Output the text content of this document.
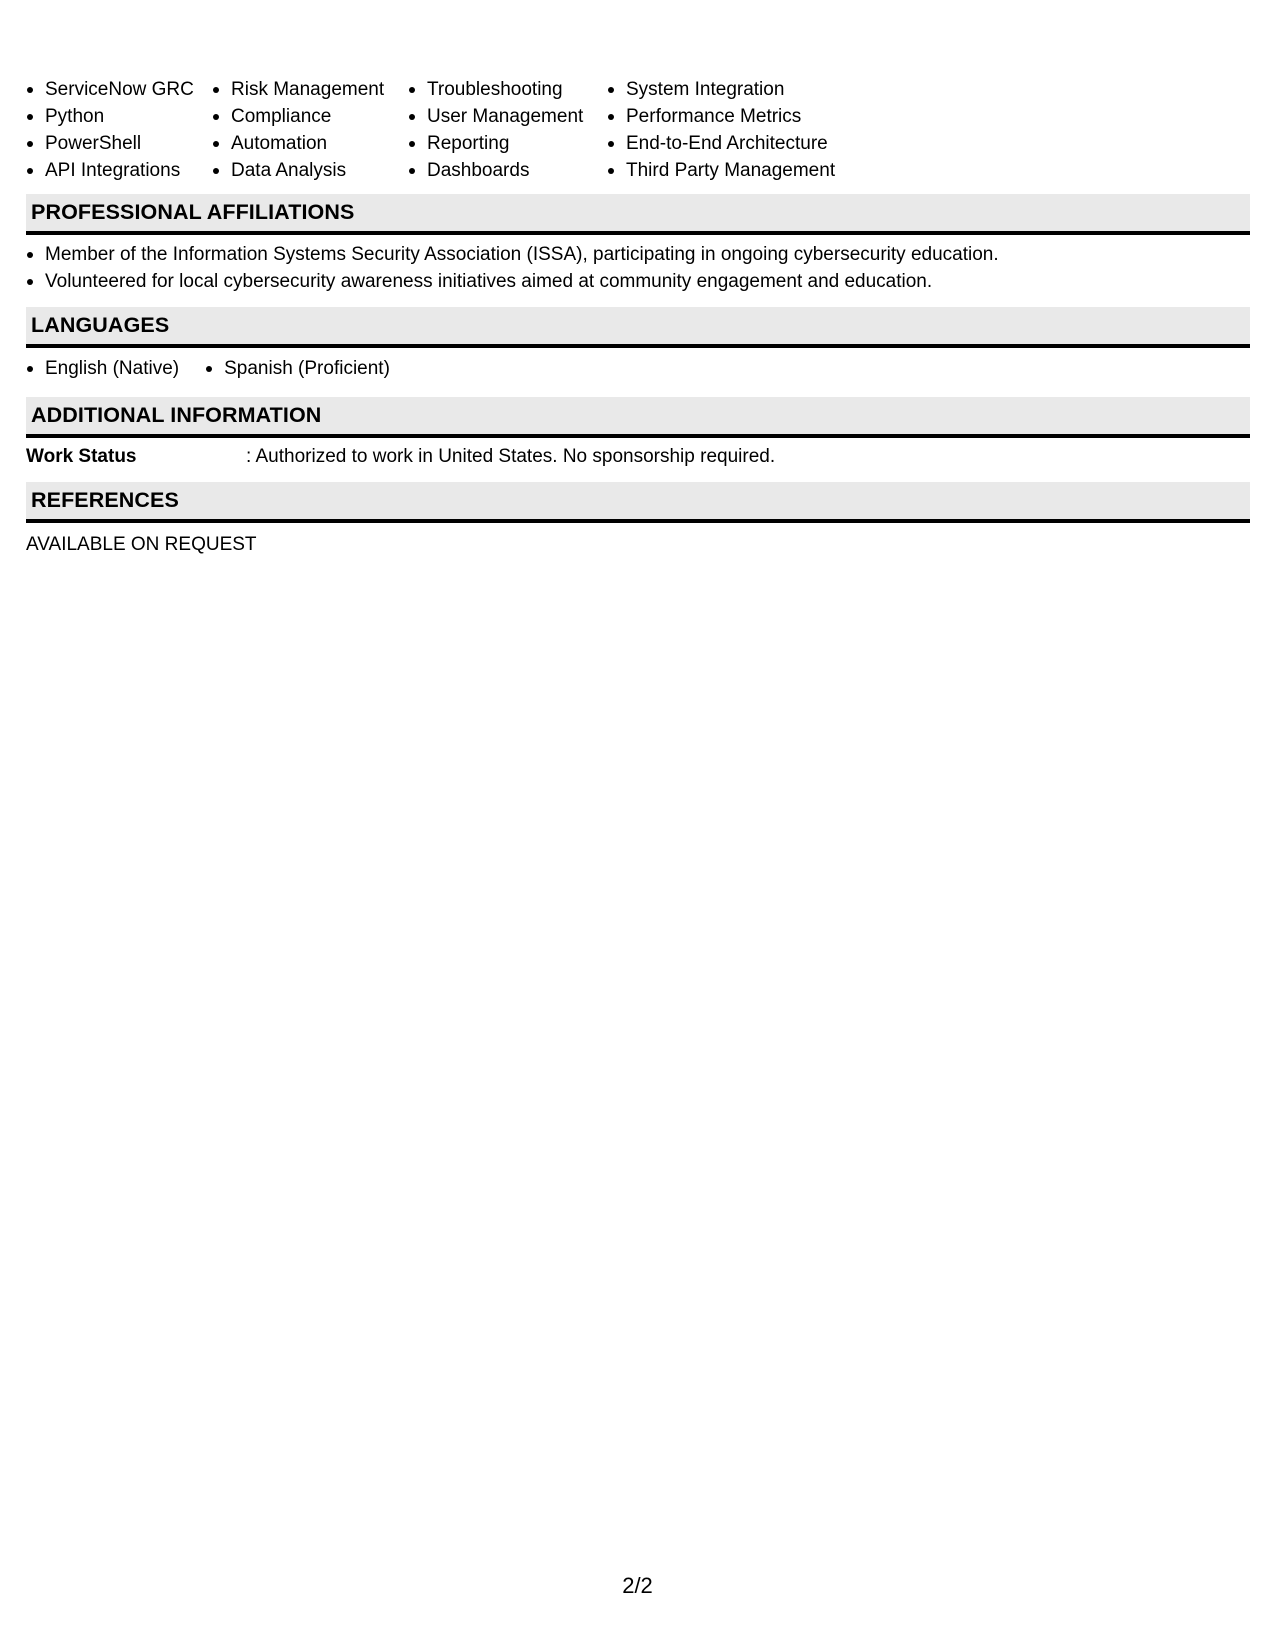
ServiceNow GRC
Python
PowerShell
API Integrations
Risk Management
Compliance
Automation
Data Analysis
Troubleshooting
User Management
Reporting
Dashboards
System Integration
Performance Metrics
End-to-End Architecture
Third Party Management
PROFESSIONAL AFFILIATIONS
Member of the Information Systems Security Association (ISSA), participating in ongoing cybersecurity education.
Volunteered for local cybersecurity awareness initiatives aimed at community engagement and education.
LANGUAGES
English (Native)	Spanish (Proficient)
ADDITIONAL INFORMATION
Work Status	: Authorized to work in United States. No sponsorship required.
REFERENCES
AVAILABLE ON REQUEST
2/2
